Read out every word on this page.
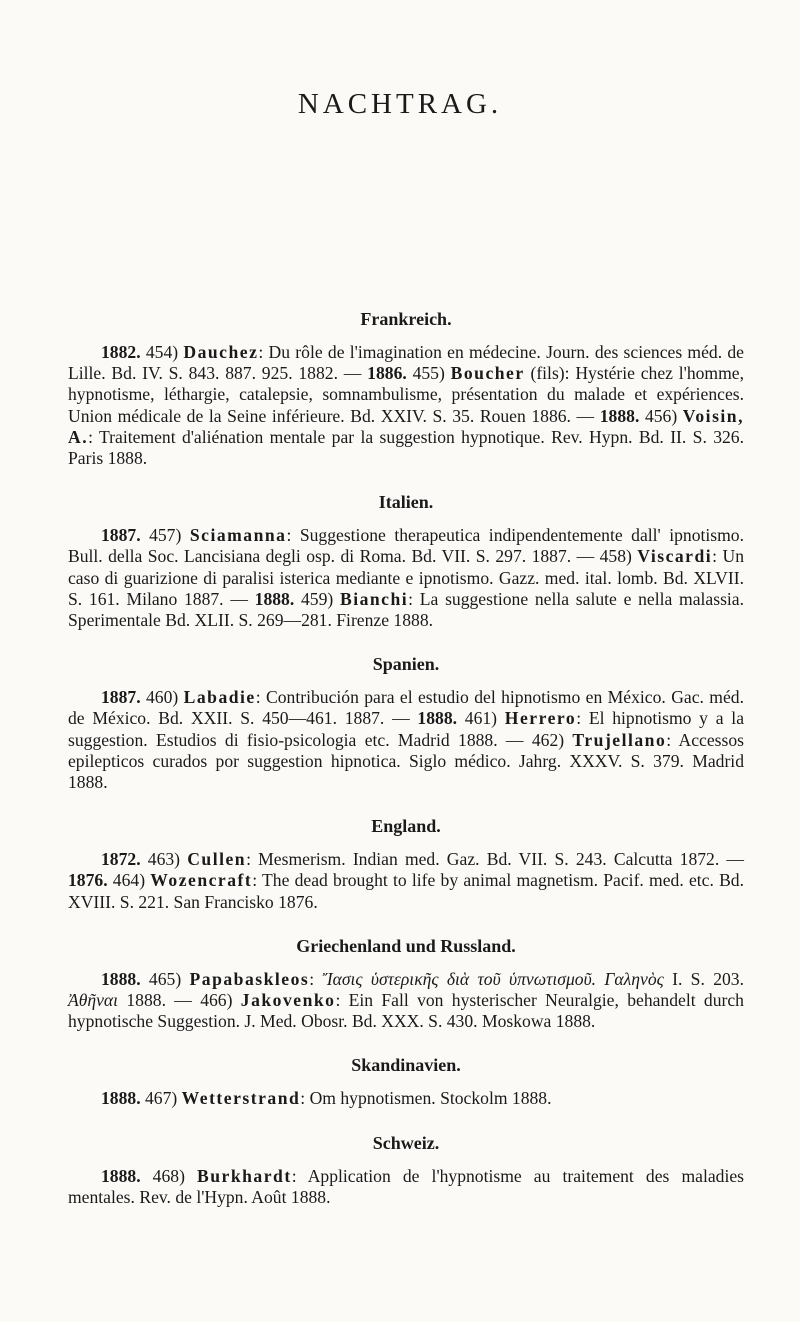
NACHTRAG.
Frankreich.

1882. 454) Dauchez: Du rôle de l'imagination en médecine. Journ. des sciences méd. de Lille. Bd. IV. S. 843. 887. 925. 1882. — 1886. 455) Boucher (fils): Hystérie chez l'homme, hypnotisme, léthargie, catalepsie, somnambulisme, présentation du malade et expériences. Union médicale de la Seine inférieure. Bd. XXIV. S. 35. Rouen 1886. — 1888. 456) Voisin, A.: Traitement d'aliénation mentale par la suggestion hypnotique. Rev. Hypn. Bd. II. S. 326. Paris 1888.

Italien.

1887. 457) Sciamanna: Suggestione therapeutica indipendentemente dall' ipnotismo. Bull. della Soc. Lancisiana degli osp. di Roma. Bd. VII. S. 297. 1887. — 458) Viscardi: Un caso di guarizione di paralisi isterica mediante e ipnotismo. Gazz. med. ital. lomb. Bd. XLVII. S. 161. Milano 1887. — 1888. 459) Bianchi: La suggestione nella salute e nella malassia. Sperimentale Bd. XLII. S. 269—281. Firenze 1888.

Spanien.

1887. 460) Labadie: Contribución para el estudio del hipnotismo en México. Gac. méd. de México. Bd. XXII. S. 450—461. 1887. — 1888. 461) Herrero: El hipnotismo y a la suggestion. Estudios di fisio-psicologia etc. Madrid 1888. — 462) Trujellano: Accessos epilepticos curados por suggestion hipnotica. Siglo médico. Jahrg. XXXV. S. 379. Madrid 1888.

England.

1872. 463) Cullen: Mesmerism. Indian med. Gaz. Bd. VII. S. 243. Calcutta 1872. — 1876. 464) Wozencraft: The dead brought to life by animal magnetism. Pacif. med. etc. Bd. XVIII. S. 221. San Francisko 1876.

Griechenland und Russland.

1888. 465) Papabaskleos: Ἴασις ὑστερικῆς διὰ τοῦ ὑπνωτισμοῦ. Γαληνὸς I. S. 203. Ἀθῆναι 1888. — 466) Jakovenko: Ein Fall von hysterischer Neuralgie, behandelt durch hypnotische Suggestion. J. Med. Obosr. Bd. XXX. S. 430. Moskowa 1888.

Skandinavien.

1888. 467) Wetterstrand: Om hypnotismen. Stockolm 1888.

Schweiz.

1888. 468) Burkhardt: Application de l'hypnotisme au traitement des maladies mentales. Rev. de l'Hypn. Août 1888.
